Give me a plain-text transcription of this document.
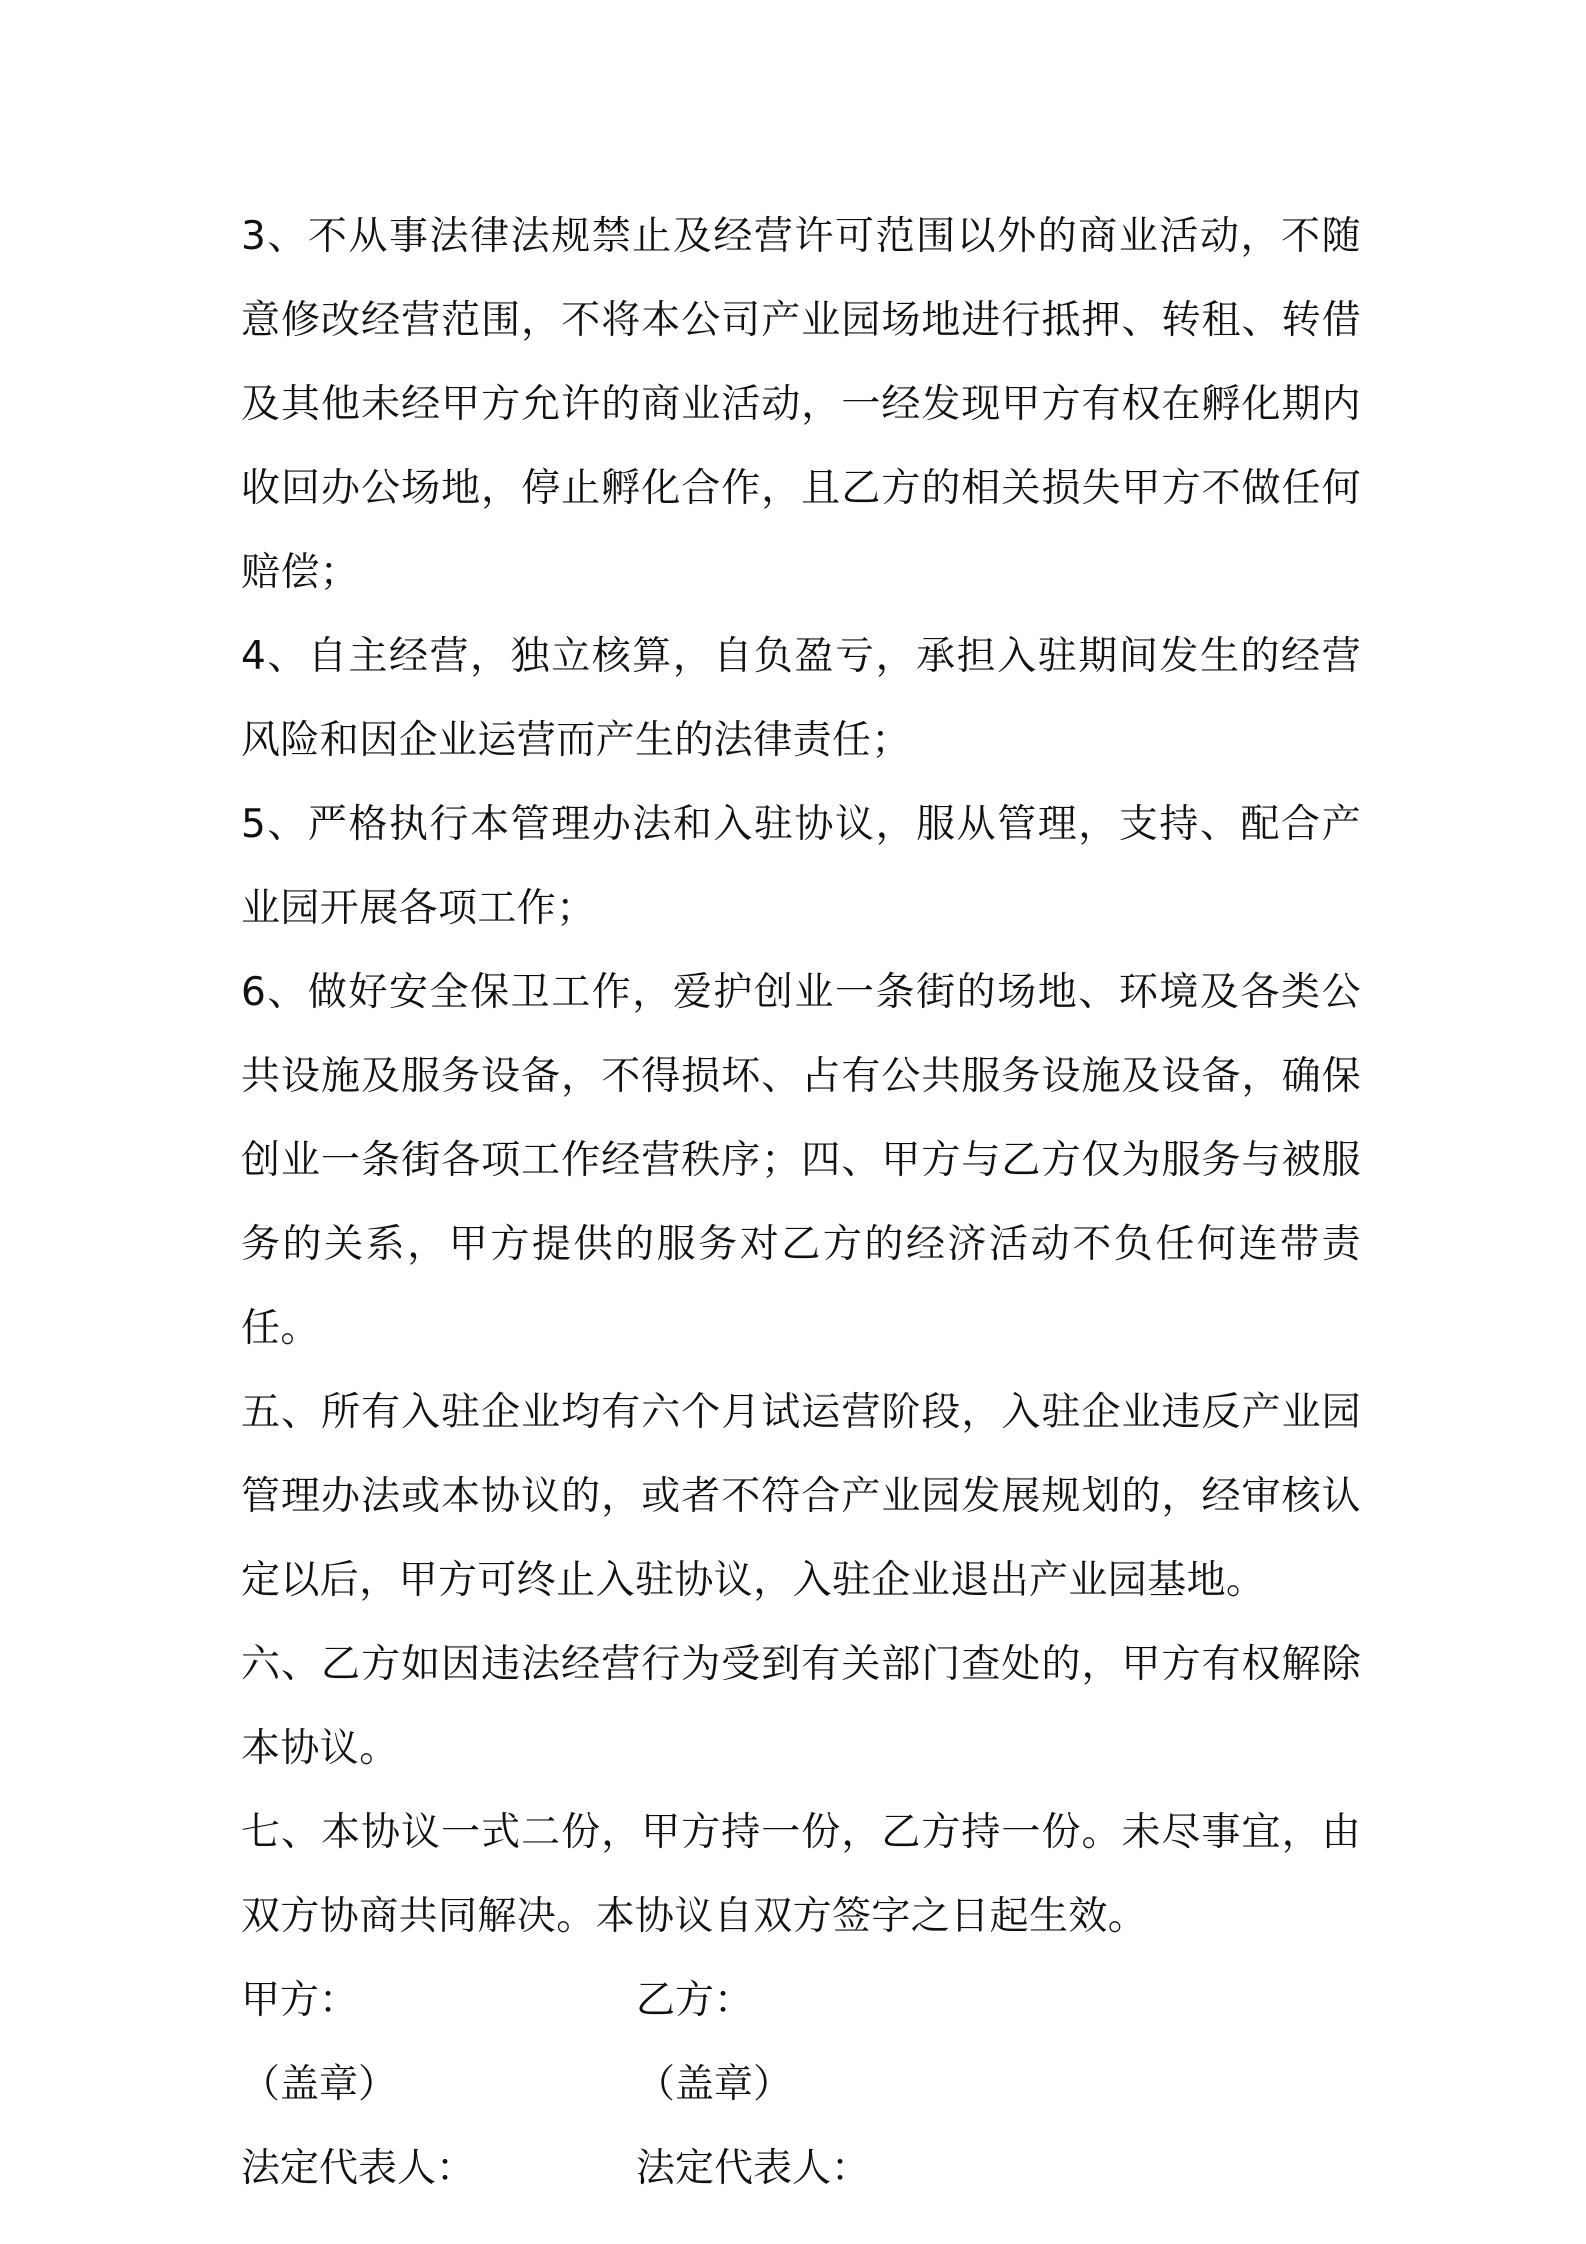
3、不从事法律法规禁止及经营许可范围以外的商业活动，不随意修改经营范围，不将本公司产业园场地进行抵押、转租、转借及其他未经甲方允许的商业活动，一经发现甲方有权在孵化期内收回办公场地，停止孵化合作，且乙方的相关损失甲方不做任何赔偿；

4、自主经营，独立核算，自负盈亏，承担入驻期间发生的经营风险和因企业运营而产生的法律责任；

5、严格执行本管理办法和入驻协议，服从管理，支持、配合产业园开展各项工作；

6、做好安全保卫工作，爱护创业一条街的场地、环境及各类公共设施及服务设备，不得损坏、占有公共服务设施及设备，确保创业一条街各项工作经营秩序；四、甲方与乙方仅为服务与被服务的关系，甲方提供的服务对乙方的经济活动不负任何连带责任。

五、所有入驻企业均有六个月试运营阶段，入驻企业违反产业园管理办法或本协议的，或者不符合产业园发展规划的，经审核认定以后，甲方可终止入驻协议，入驻企业退出产业园基地。

六、乙方如因违法经营行为受到有关部门查处的，甲方有权解除本协议。

七、本协议一式二份，甲方持一份，乙方持一份。未尽事宜，由双方协商共同解决。本协议自双方签字之日起生效。

甲方：	乙方：
（盖章）	（盖章）
法定代表人：	法定代表人：
